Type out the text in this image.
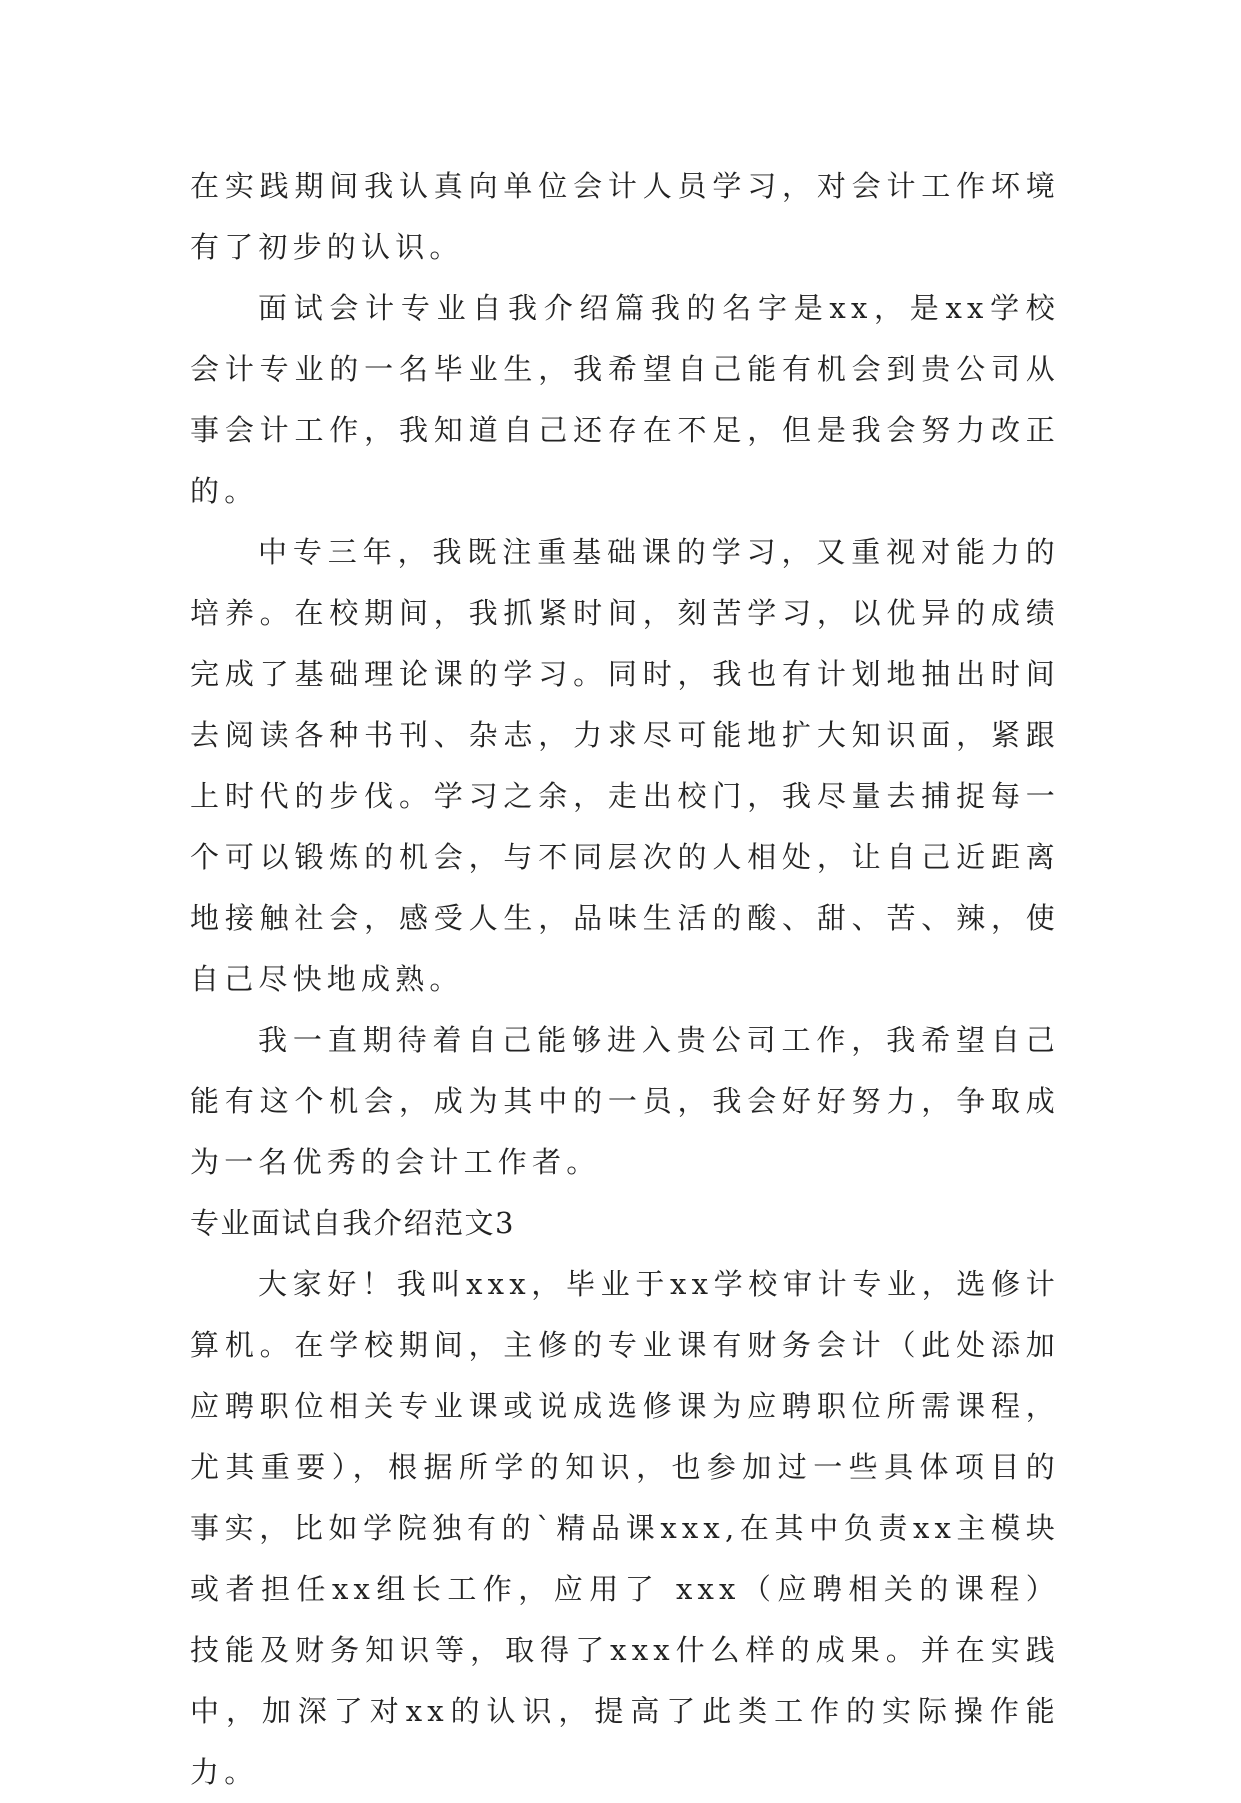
在实践期间我认真向单位会计人员学习，对会计工作坏境有了初步的认识。

面试会计专业自我介绍篇我的名字是xx，是xx学校会计专业的一名毕业生，我希望自己能有机会到贵公司从事会计工作，我知道自己还存在不足，但是我会努力改正的。

中专三年，我既注重基础课的学习，又重视对能力的培养。在校期间，我抓紧时间，刻苦学习，以优异的成绩完成了基础理论课的学习。同时，我也有计划地抽出时间去阅读各种书刊、杂志，力求尽可能地扩大知识面，紧跟上时代的步伐。学习之余，走出校门，我尽量去捕捉每一个可以锻炼的机会，与不同层次的人相处，让自己近距离地接触社会，感受人生，品味生活的酸、甜、苦、辣，使自己尽快地成熟。

我一直期待着自己能够进入贵公司工作，我希望自己能有这个机会，成为其中的一员，我会好好努力，争取成为一名优秀的会计工作者。

专业面试自我介绍范文3

大家好！我叫xxx，毕业于xx学校审计专业，选修计算机。在学校期间，主修的专业课有财务会计（此处添加应聘职位相关专业课或说成选修课为应聘职位所需课程，尤其重要），根据所学的知识，也参加过一些具体项目的事实，比如学院独有的`精品课xxx,在其中负责xx主模块或者担任xx组长工作，应用了 xxx（应聘相关的课程）技能及财务知识等，取得了xxx什么样的成果。并在实践中，加深了对xx的认识，提高了此类工作的实际操作能力。
